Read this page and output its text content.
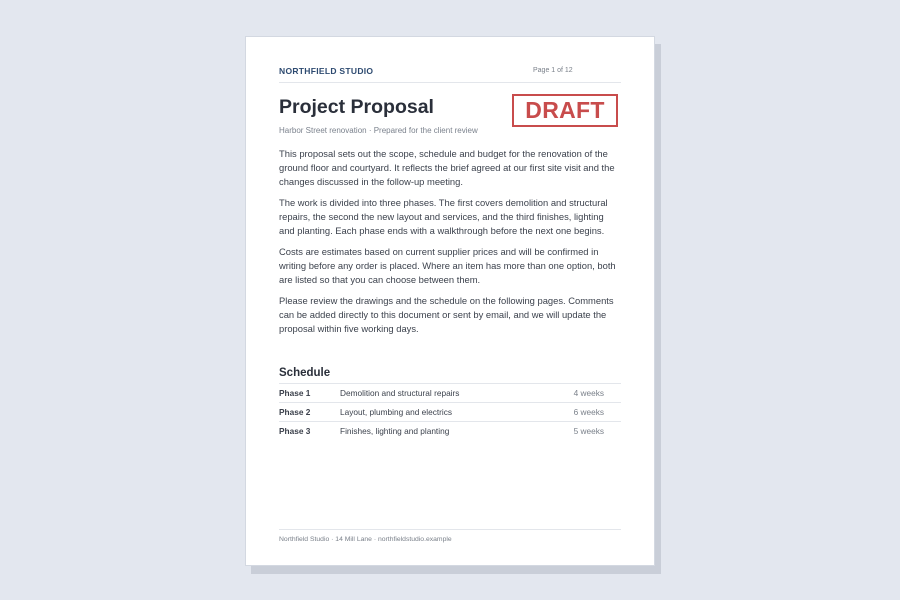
NORTHFIELD STUDIO	Page 1 of 12
Project Proposal	DRAFT
Harbor Street renovation · Prepared for the client review

This proposal sets out the scope, schedule and budget for the renovation of the ground floor and courtyard. It reflects the brief agreed at our first site visit and the changes discussed in the follow-up meeting.

The work is divided into three phases. The first covers demolition and structural repairs, the second the new layout and services, and the third finishes, lighting and planting. Each phase ends with a walkthrough before the next one begins.

Costs are estimates based on current supplier prices and will be confirmed in writing before any order is placed. Where an item has more than one option, both are listed so that you can choose between them.

Please review the drawings and the schedule on the following pages. Comments can be added directly to this document or sent by email, and we will update the proposal within five working days.

Schedule
Phase 1	Demolition and structural repairs	4 weeks
Phase 2	Layout, plumbing and electrics	6 weeks
Phase 3	Finishes, lighting and planting	5 weeks
Northfield Studio · 14 Mill Lane · northfieldstudio.example
